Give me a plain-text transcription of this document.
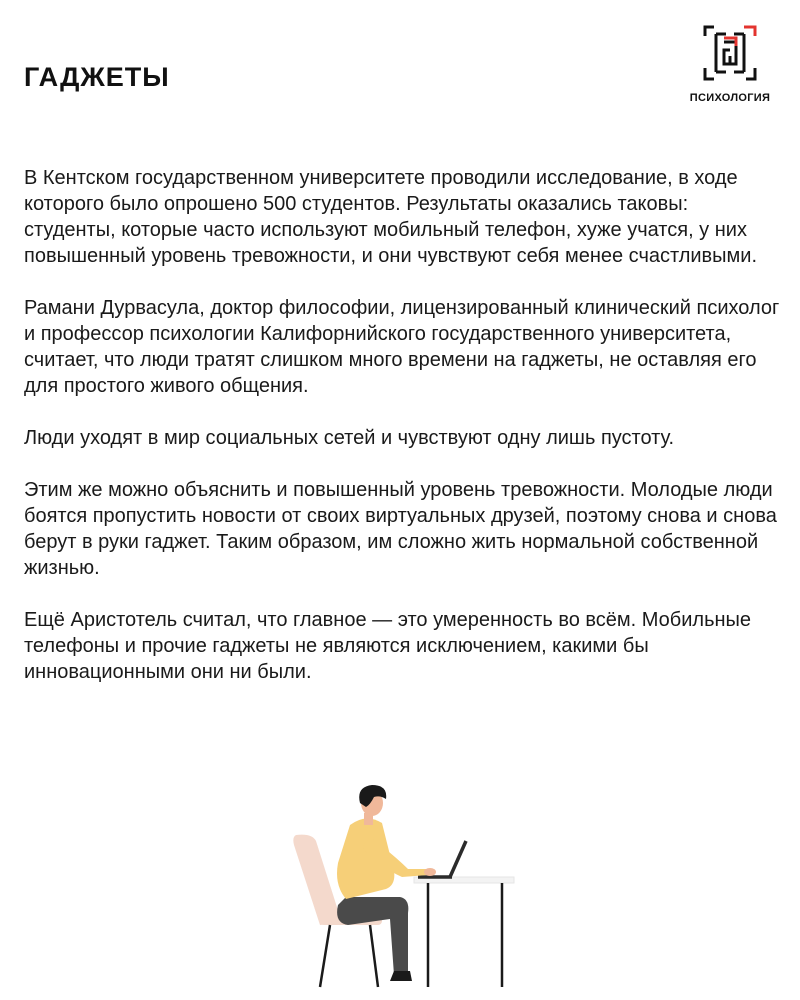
ГАДЖЕТЫ
ПСИХОЛОГИЯ

В Кентском государственном университете проводили исследование, в ходе которого было опрошено 500 студентов. Результаты оказались таковы: студенты, которые часто используют мобильный телефон, хуже учатся, у них повышенный уровень тревожности, и они чувствуют себя менее счастливыми.

Рамани Дурвасула, доктор философии, лицензированный клинический психолог и профессор психологии Калифорнийского государственного университета, считает, что люди тратят слишком много времени на гаджеты, не оставляя его для простого живого общения.

Люди уходят в мир социальных сетей и чувствуют одну лишь пустоту.

Этим же можно объяснить и повышенный уровень тревожности. Молодые люди боятся пропустить новости от своих виртуальных друзей, поэтому снова и снова берут в руки гаджет. Таким образом, им сложно жить нормальной собственной жизнью.

Ещё Аристотель считал, что главное — это умеренность во всём. Мобильные телефоны и прочие гаджеты не являются исключением, какими бы инновационными они ни были.
